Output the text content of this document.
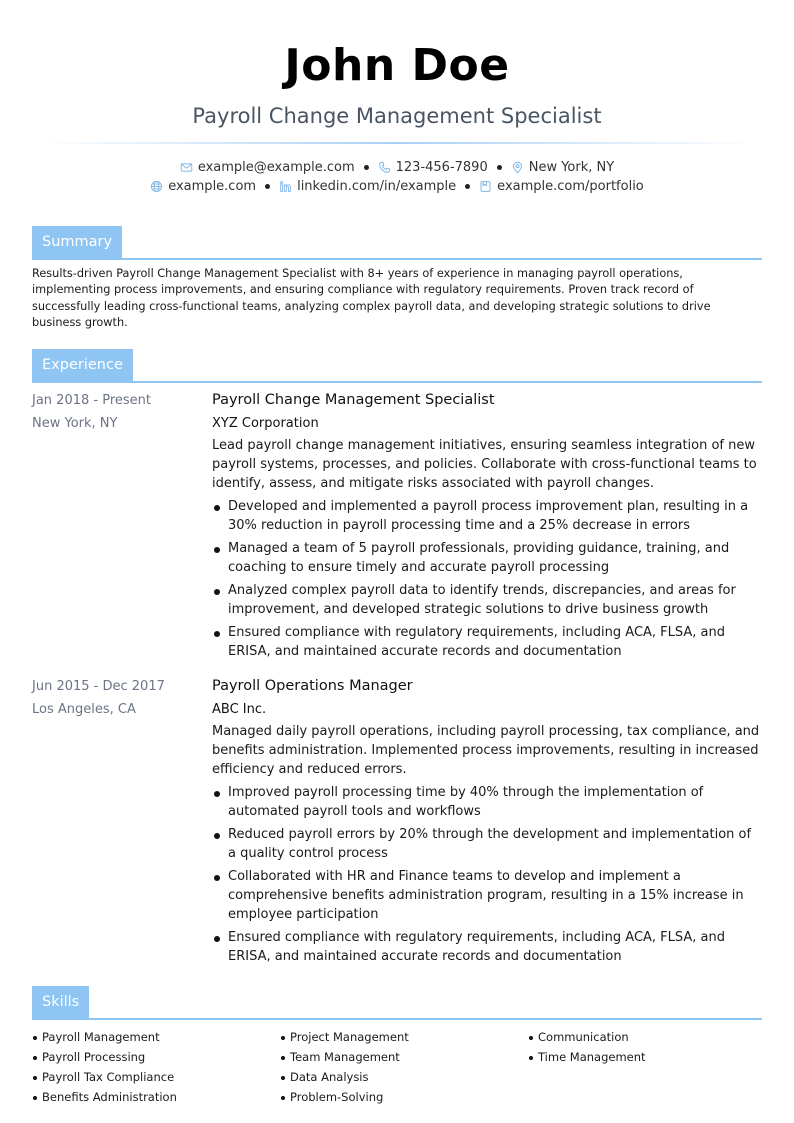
John Doe
Payroll Change Management Specialist
example@example.com	123-456-7890	New York, NY
example.com	linkedin.com/in/example	example.com/portfolio
Summary

Results-driven Payroll Change Management Specialist with 8+ years of experience in managing payroll operations, implementing process improvements, and ensuring compliance with regulatory requirements. Proven track record of successfully leading cross-functional teams, analyzing complex payroll data, and developing strategic solutions to drive business growth.

Experience
Jan 2018 - Present
New York, NY
Payroll Change Management Specialist
XYZ Corporation

Lead payroll change management initiatives, ensuring seamless integration of new payroll systems, processes, and policies. Collaborate with cross-functional teams to identify, assess, and mitigate risks associated with payroll changes.

Developed and implemented a payroll process improvement plan, resulting in a 30% reduction in payroll processing time and a 25% decrease in errors
Managed a team of 5 payroll professionals, providing guidance, training, and coaching to ensure timely and accurate payroll processing
Analyzed complex payroll data to identify trends, discrepancies, and areas for improvement, and developed strategic solutions to drive business growth
Ensured compliance with regulatory requirements, including ACA, FLSA, and ERISA, and maintained accurate records and documentation
Jun 2015 - Dec 2017
Los Angeles, CA
Payroll Operations Manager
ABC Inc.

Managed daily payroll operations, including payroll processing, tax compliance, and benefits administration. Implemented process improvements, resulting in increased efficiency and reduced errors.

Improved payroll processing time by 40% through the implementation of automated payroll tools and workflows
Reduced payroll errors by 20% through the development and implementation of a quality control process
Collaborated with HR and Finance teams to develop and implement a comprehensive benefits administration program, resulting in a 15% increase in employee participation
Ensured compliance with regulatory requirements, including ACA, FLSA, and ERISA, and maintained accurate records and documentation
Skills
Payroll Management
Payroll Processing
Payroll Tax Compliance
Benefits Administration
Project Management
Team Management
Data Analysis
Problem-Solving
Communication
Time Management
